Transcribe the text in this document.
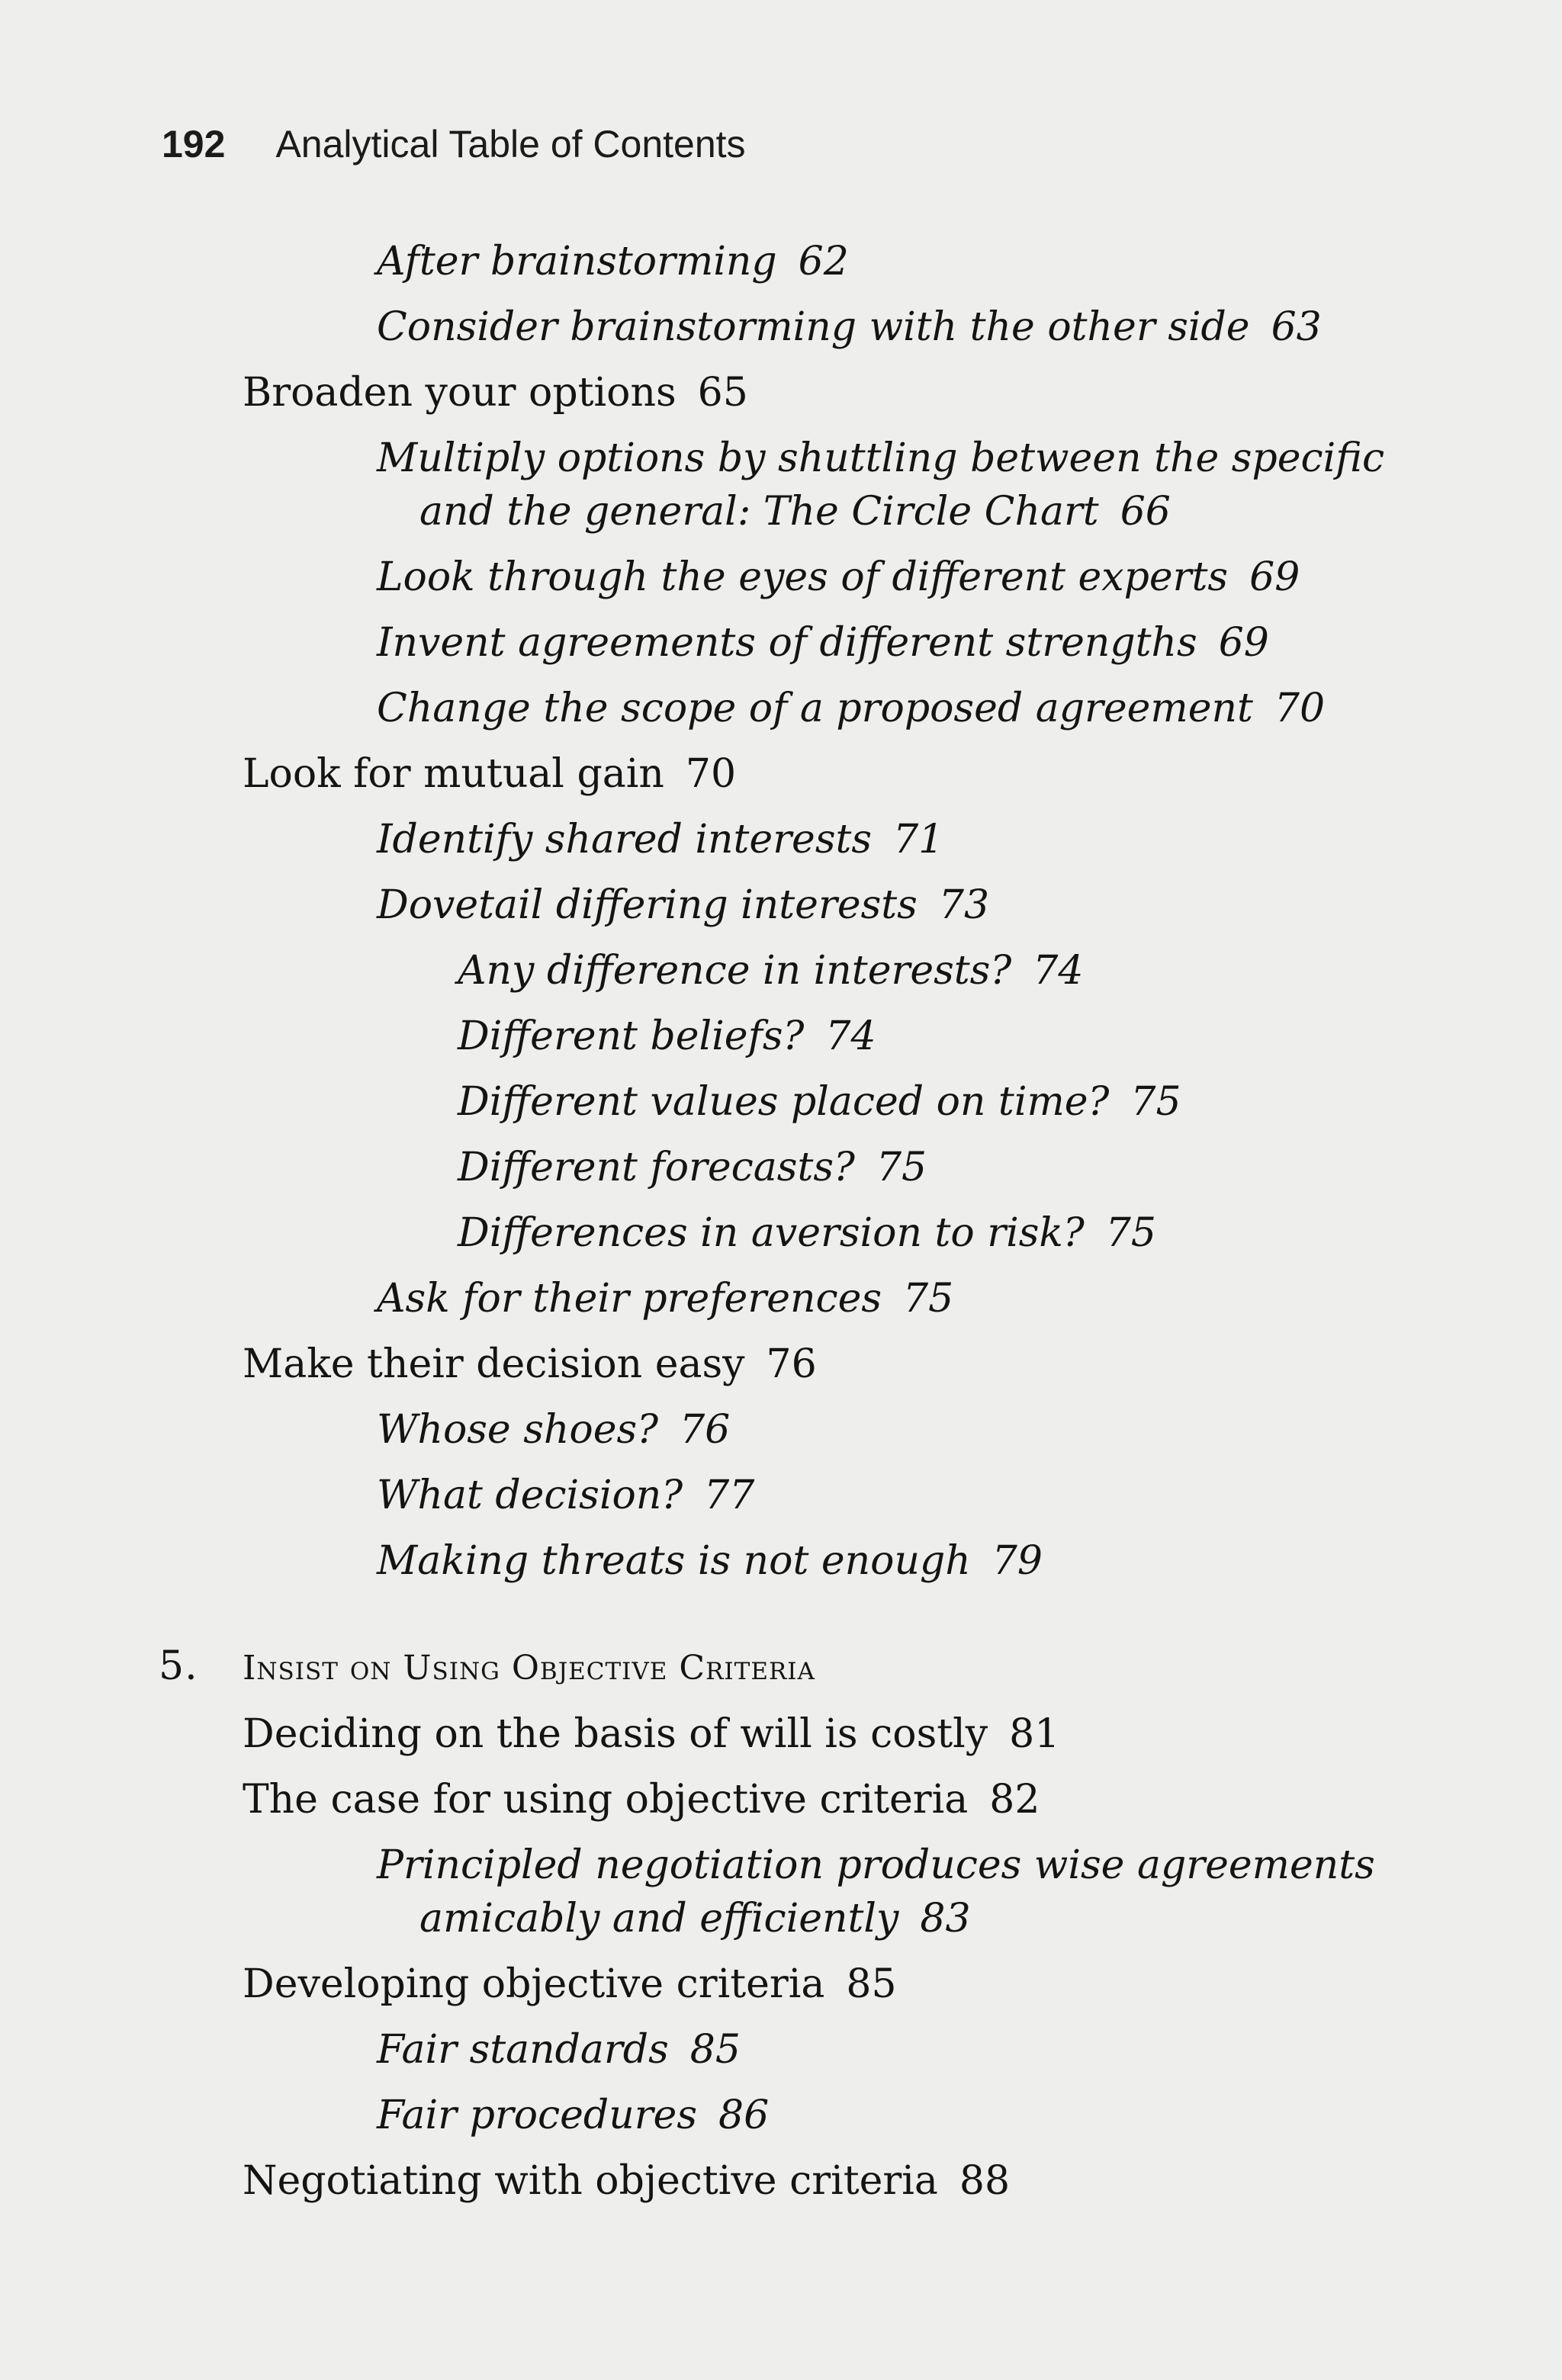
192 Analytical Table of Contents
After brainstorming 62
Consider brainstorming with the other side 63
Broaden your options 65
Multiply options by shuttling between the specific
and the general: The Circle Chart 66
Look through the eyes of different experts 69
Invent agreements of different strengths 69
Change the scope of a proposed agreement 70
Look for mutual gain 70
Identify shared interests 71
Dovetail differing interests 73
Any difference in interests? 74
Different beliefs? 74
Different values placed on time? 75
Different forecasts? 75
Differences in aversion to risk? 75
Ask for their preferences 75
Make their decision easy 76
Whose shoes? 76
What decision? 77
Making threats is not enough 79
5. Insist on Using Objective Criteria
Deciding on the basis of will is costly 81
The case for using objective criteria 82
Principled negotiation produces wise agreements
amicably and efficiently 83
Developing objective criteria 85
Fair standards 85
Fair procedures 86
Negotiating with objective criteria 88
